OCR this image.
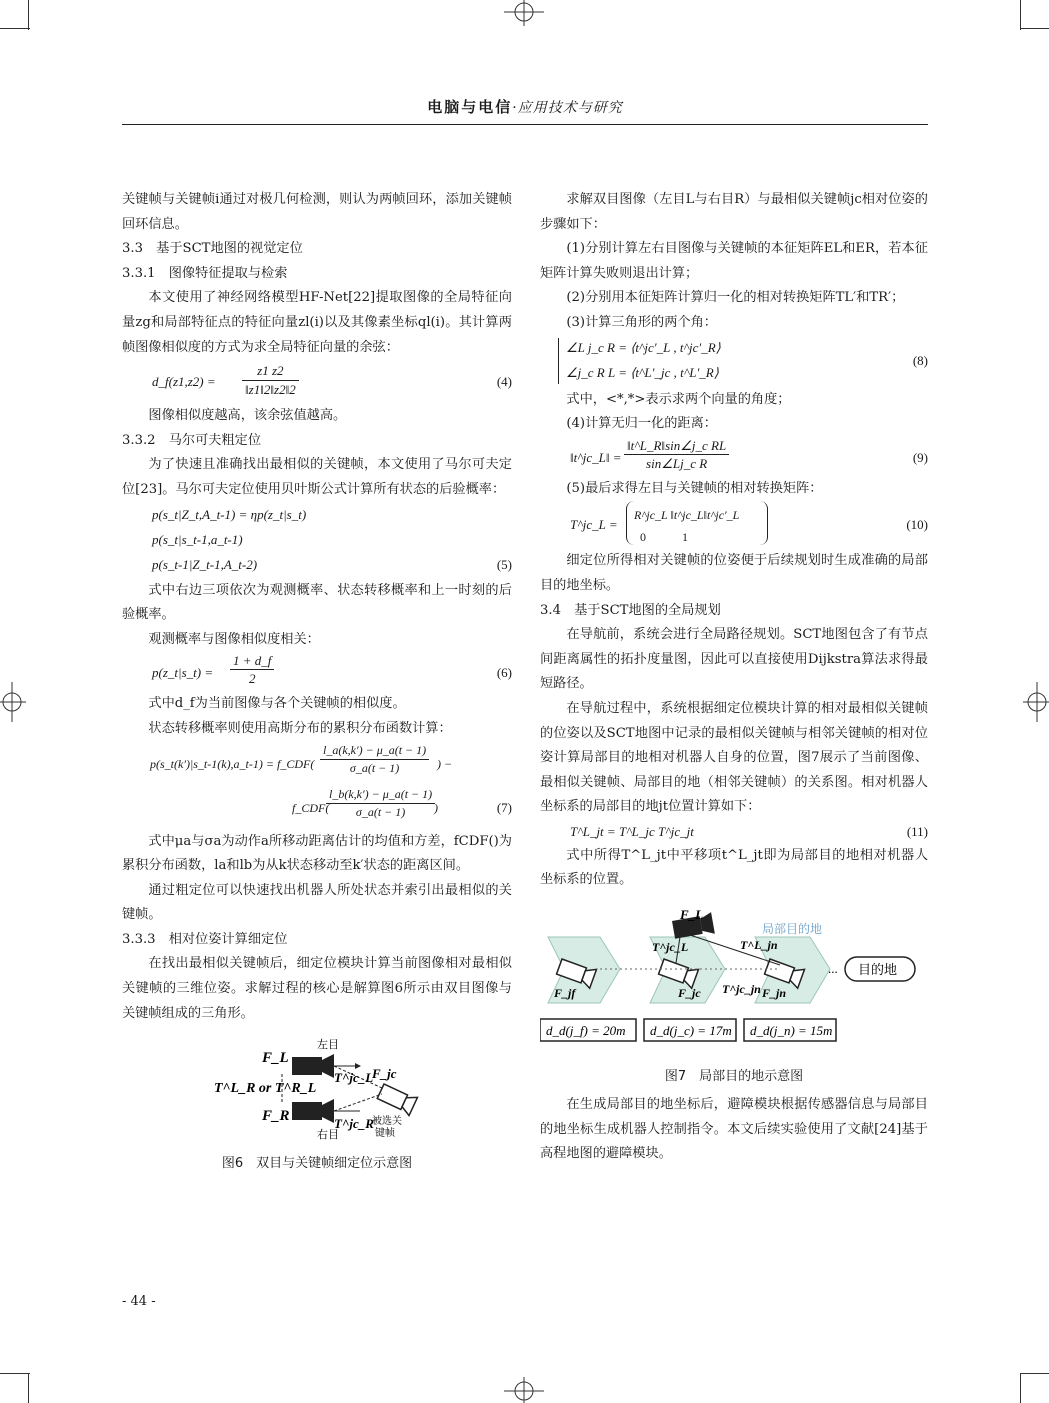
电脑与电信·应用技术与研究

关键帧与关键帧i通过对极几何检测，则认为两帧回环，添加关键帧回环信息。

3.3　基于SCT地图的视觉定位

3.3.1　图像特征提取与检索

本文使用了神经网络模型HF-Net[22]提取图像的全局特征向量zg和局部特征点的特征向量zl(i)以及其像素坐标ql(i)。其计算两帧图像相似度的方式为求全局特征向量的余弦：

d_f(z1,z2) = $\frac{z1 z2}{‖z1‖2‖z2‖2}$	(4)

图像相似度越高，该余弦值越高。

3.3.2　马尔可夫粗定位

为了快速且准确找出最相似的关键帧，本文使用了马尔可夫定位[23]。马尔可夫定位使用贝叶斯公式计算所有状态的后验概率：

p(s_t|Z_t,A_t-1) = ηp(z_t|s_t)
p(s_t|s_t-1,a_t-1)
p(s_t-1|Z_t-1,A_t-2)	(5)

式中右边三项依次为观测概率、状态转移概率和上一时刻的后验概率。

观测概率与图像相似度相关：

p(z_t|s_t) = $\frac{1 + d\_f}{2}$	(6)

式中d_f为当前图像与各个关键帧的相似度。

状态转移概率则使用高斯分布的累积分布函数计算：

p(s_t(k′)|s_t-1(k),a_t-1) = f_CDF( $\frac{l\_a(k,k') - \mu\_a(t - 1)}{\sigma\_a(t - 1)}$ ) −
f_CDF(
$\frac{l\_b(k,k') - \mu\_a(t - 1)}{\sigma\_a(t - 1)}$
)	(7)

式中μa与σa为动作a所移动距离估计的均值和方差，fCDF()为累积分布函数，la和lb为从k状态移动至k′状态的距离区间。

通过粗定位可以快速找出机器人所处状态并索引出最相似的关键帧。

3.3.3　相对位姿计算细定位

在找出最相似关键帧后，细定位模块计算当前图像相对最相似关键帧的三维位姿。求解过程的核心是解算图6所示由双目图像与关键帧组成的三角形。

左目
F_L
F_R
T^L_R or T^R_L
T^jc_L
T^jc_R
F_jc
右目
被选关
键帧

图6　双目与关键帧细定位示意图

求解双目图像（左目L与右目R）与最相似关键帧jc相对位姿的步骤如下：

(1)分别计算左右目图像与关键帧的本征矩阵EL和ER，若本征矩阵计算失败则退出计算；

(2)分别用本征矩阵计算归一化的相对转换矩阵TL′和TR′；

(3)计算三角形的两个角：

∠L j_c R = ⟨t^jc′_L , t^jc′_R⟩
∠j_c R L = ⟨t^L′_jc , t^L′_R⟩
(8)

式中，<*,*>表示求两个向量的角度；

(4)计算无归一化的距离：

‖t^jc_L‖ = $\frac{\text{‖t\textasciicircum{}L\_R‖sin∠j\_c RL}}{\text{sin∠Lj\_c R}}$	(9)

(5)最后求得左目与关键帧的相对转换矩阵：

T^jc_L =
R^jc_L ‖t^jc_L‖t^jc′_L
0            1
(10)

细定位所得相对关键帧的位姿便于后续规划时生成准确的局部目的地坐标。

3.4　基于SCT地图的全局规划

在导航前，系统会进行全局路径规划。SCT地图包含了有节点间距离属性的拓扑度量图，因此可以直接使用Dijkstra算法求得最短路径。

在导航过程中，系统根据细定位模块计算的相对最相似关键帧的位姿以及SCT地图中记录的最相似关键帧与相邻关键帧的相对位姿计算局部目的地相对机器人自身的位置，图7展示了当前图像、最相似关键帧、局部目的地（相邻关键帧）的关系图。相对机器人坐标系的局部目的地jt位置计算如下：

T^L_jt = T^L_jc T^jc_jt	(11)

式中所得T^L_jt中平移项t^L_jt即为局部目的地相对机器人坐标系的位置。

... 目的地
局部目的地
F_L
T^jc_L	T^L_jn
T^jc_jn
F_jf	F_jc	F_jn
d_d(j_f) = 20m d_d(j_c) = 17m d_d(j_n) = 15m

图7　局部目的地示意图

在生成局部目的地坐标后，避障模块根据传感器信息与局部目的地坐标生成机器人控制指令。本文后续实验使用了文献[24]基于高程地图的避障模块。

- 44 -
